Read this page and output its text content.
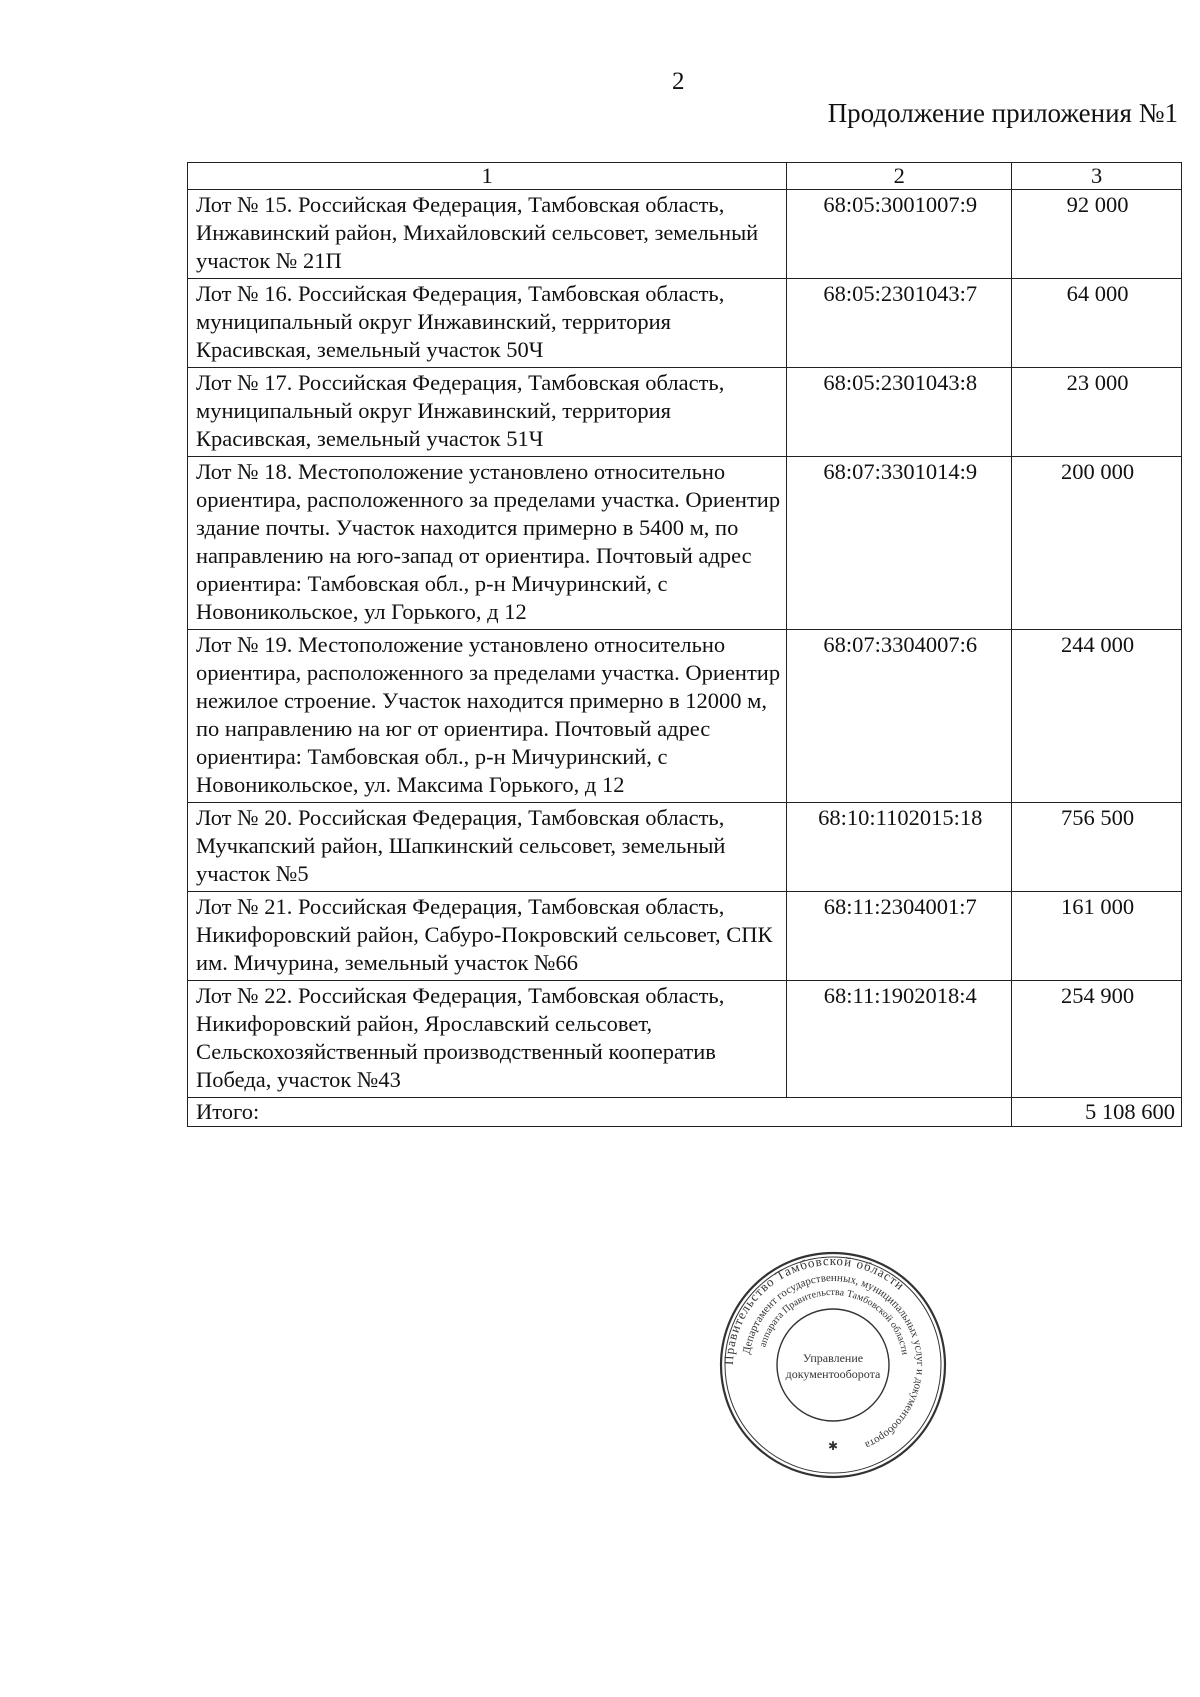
2
Продолжение приложения №1
1	2	3
Лот № 15. Российская Федерация, Тамбовская область, Инжавинский район, Михайловский сельсовет, земельный участок № 21П	68:05:3001007:9	92 000
Лот № 16. Российская Федерация, Тамбовская область, муниципальный округ Инжавинский, территория Красивская, земельный участок 50Ч	68:05:2301043:7	64 000
Лот № 17. Российская Федерация, Тамбовская область, муниципальный округ Инжавинский, территория Красивская, земельный участок 51Ч	68:05:2301043:8	23 000
Лот № 18. Местоположение установлено относительно ориентира, расположенного за пределами участка. Ориентир здание почты. Участок находится примерно в 5400 м, по направлению на юго-запад от ориентира. Почтовый адрес ориентира: Тамбовская обл., р-н Мичуринский, с Новоникольское, ул Горького, д 12	68:07:3301014:9	200 000
Лот № 19. Местоположение установлено относительно ориентира, расположенного за пределами участка. Ориентир нежилое строение. Участок находится примерно в 12000 м, по направлению на юг от ориентира. Почтовый адрес ориентира: Тамбовская обл., р-н Мичуринский, с Новоникольское, ул. Максима Горького, д 12	68:07:3304007:6	244 000
Лот № 20. Российская Федерация, Тамбовская область, Мучкапский район, Шапкинский сельсовет, земельный участок №5	68:10:1102015:18	756 500
Лот № 21. Российская Федерация, Тамбовская область, Никифоровский район, Сабуро-Покровский сельсовет, СПК им. Мичурина, земельный участок №66	68:11:2304001:7	161 000
Лот № 22. Российская Федерация, Тамбовская область, Никифоровский район, Ярославский сельсовет, Сельскохозяйственный производственный кооператив Победа, участок №43	68:11:1902018:4	254 900
Итого:		5 108 600
Правительство Тамбовской области
Департамент государственных, муниципальных услуг и документооборота
аппарата Правительства Тамбовской области
Управление
документооборота
✱
